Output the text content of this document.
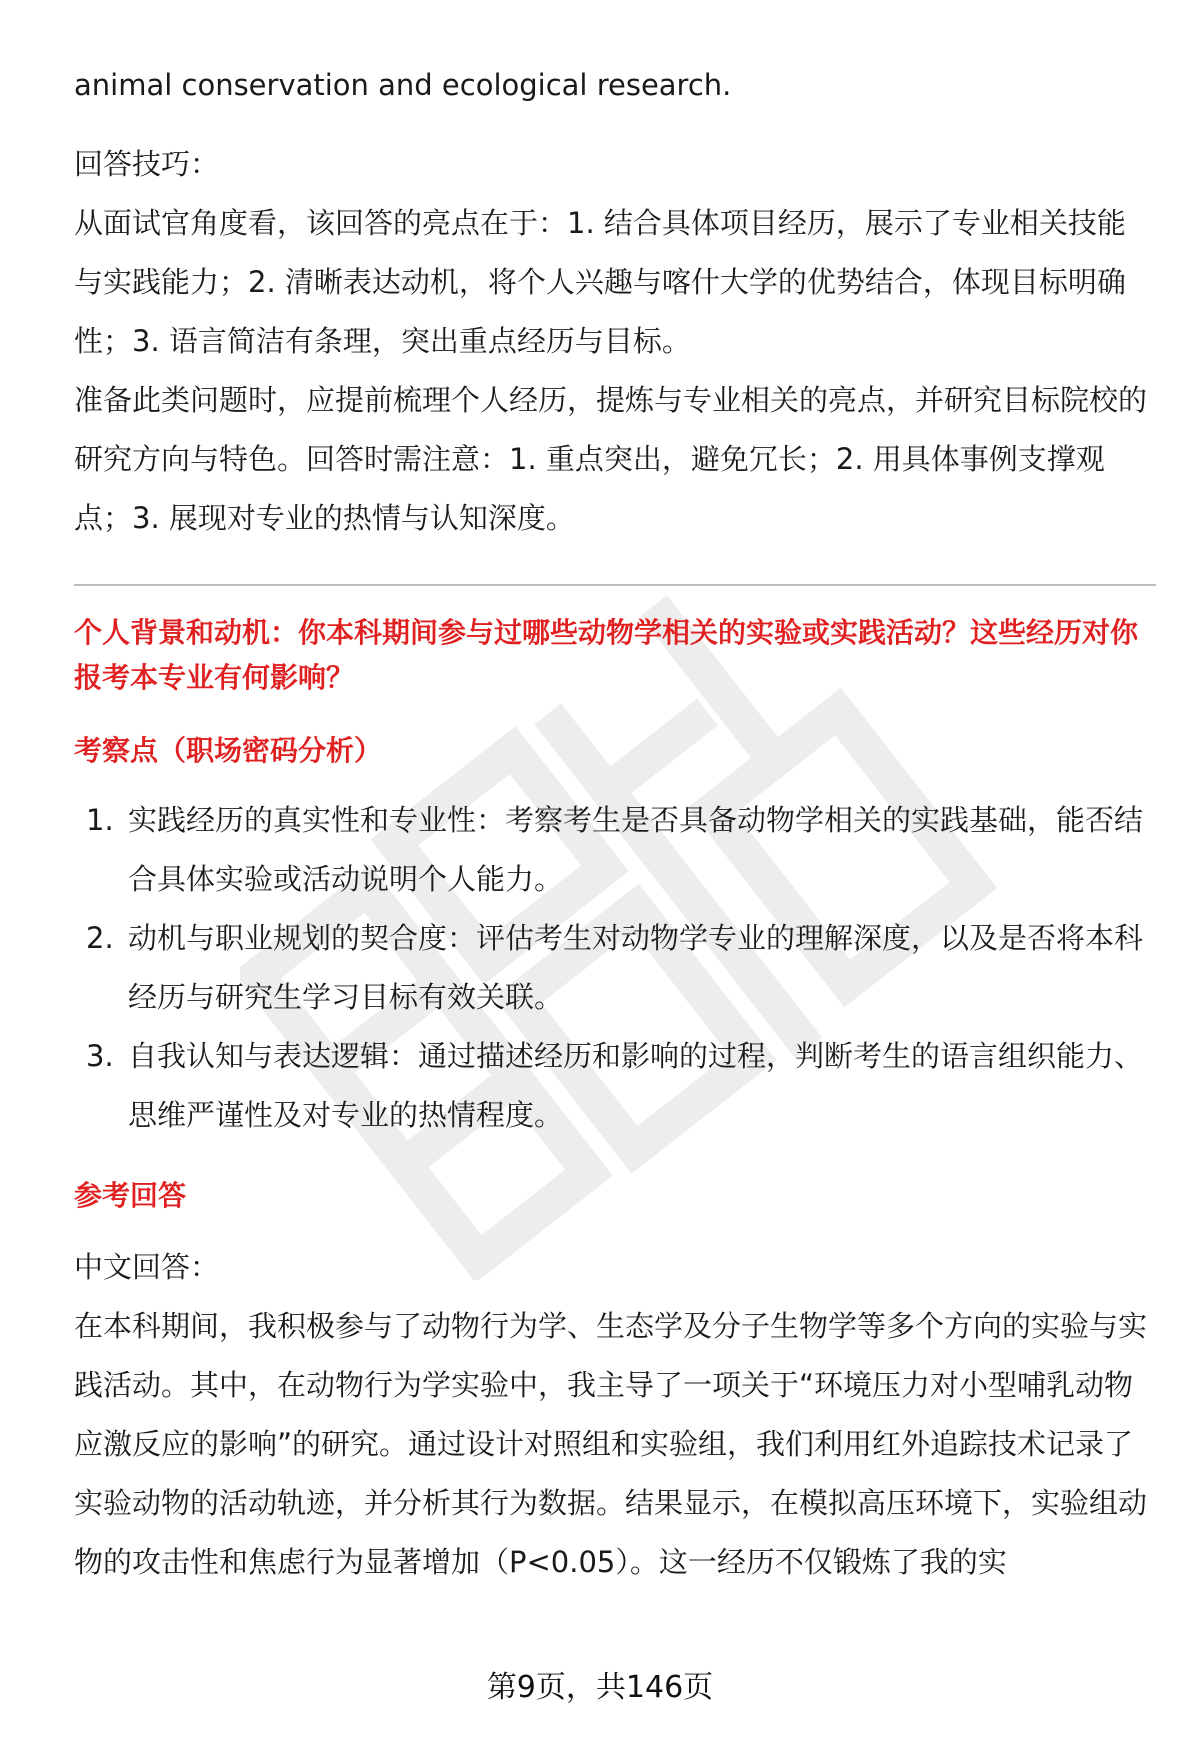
animal conservation and ecological research.

回答技巧：

从面试官角度看，该回答的亮点在于：1. 结合具体项目经历，展示了专业相关技能与实践能力；2. 清晰表达动机，将个人兴趣与喀什大学的优势结合，体现目标明确性；3. 语言简洁有条理，突出重点经历与目标。

准备此类问题时，应提前梳理个人经历，提炼与专业相关的亮点，并研究目标院校的研究方向与特色。回答时需注意：1. 重点突出，避免冗长；2. 用具体事例支撑观点；3. 展现对专业的热情与认知深度。

个人背景和动机：你本科期间参与过哪些动物学相关的实验或实践活动？这些经历对你报考本专业有何影响？

考察点（职场密码分析）

1. 实践经历的真实性和专业性：考察考生是否具备动物学相关的实践基础，能否结合具体实验或活动说明个人能力。
2. 动机与职业规划的契合度：评估考生对动物学专业的理解深度，以及是否将本科经历与研究生学习目标有效关联。
3. 自我认知与表达逻辑：通过描述经历和影响的过程，判断考生的语言组织能力、思维严谨性及对专业的热情程度。

参考回答

中文回答：

在本科期间，我积极参与了动物行为学、生态学及分子生物学等多个方向的实验与实践活动。其中，在动物行为学实验中，我主导了一项关于“环境压力对小型哺乳动物应激反应的影响”的研究。通过设计对照组和实验组，我们利用红外追踪技术记录了实验动物的活动轨迹，并分析其行为数据。结果显示，在模拟高压环境下，实验组动物的攻击性和焦虑行为显著增加（P<0.05）。这一经历不仅锻炼了我的实

第9页，共146页
